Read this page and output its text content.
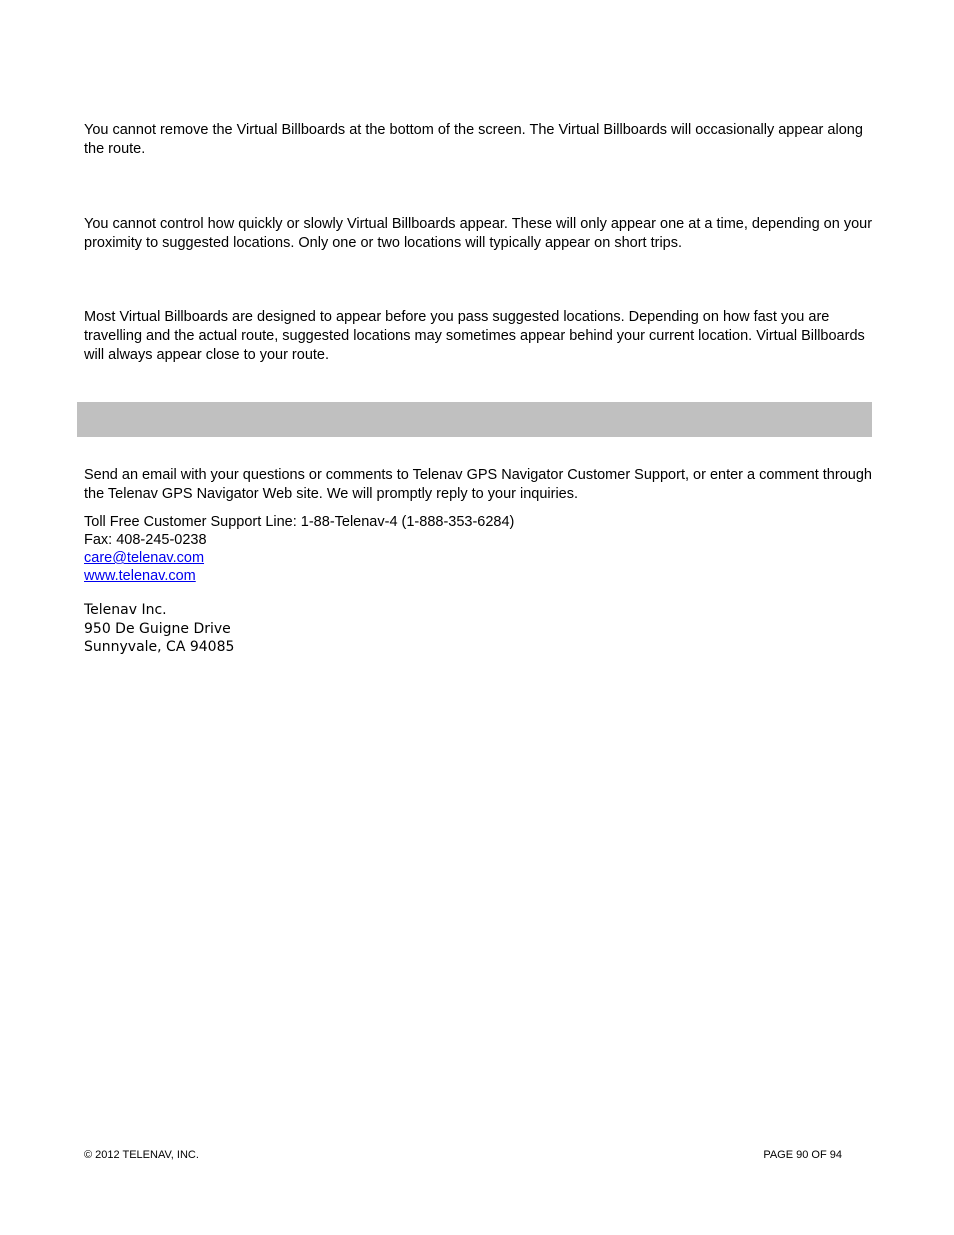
You cannot remove the Virtual Billboards at the bottom of the screen. The Virtual Billboards will occasionally appear along the route.

You cannot control how quickly or slowly Virtual Billboards appear. These will only appear one at a time, depending on your proximity to suggested locations. Only one or two locations will typically appear on short trips.

Most Virtual Billboards are designed to appear before you pass suggested locations. Depending on how fast you are travelling and the actual route, suggested locations may sometimes appear behind your current location. Virtual Billboards will always appear close to your route.

Send an email with your questions or comments to Telenav GPS Navigator Customer Support, or enter a comment through the Telenav GPS Navigator Web site. We will promptly reply to your inquiries.

Toll Free Customer Support Line: 1-88-Telenav-4 (1-888-353-6284)
Fax: 408-245-0238
care@telenav.com
www.telenav.com
Telenav Inc.
950 De Guigne Drive
Sunnyvale, CA 94085
© 2012 TELENAV, INC.	PAGE 90 OF 94
